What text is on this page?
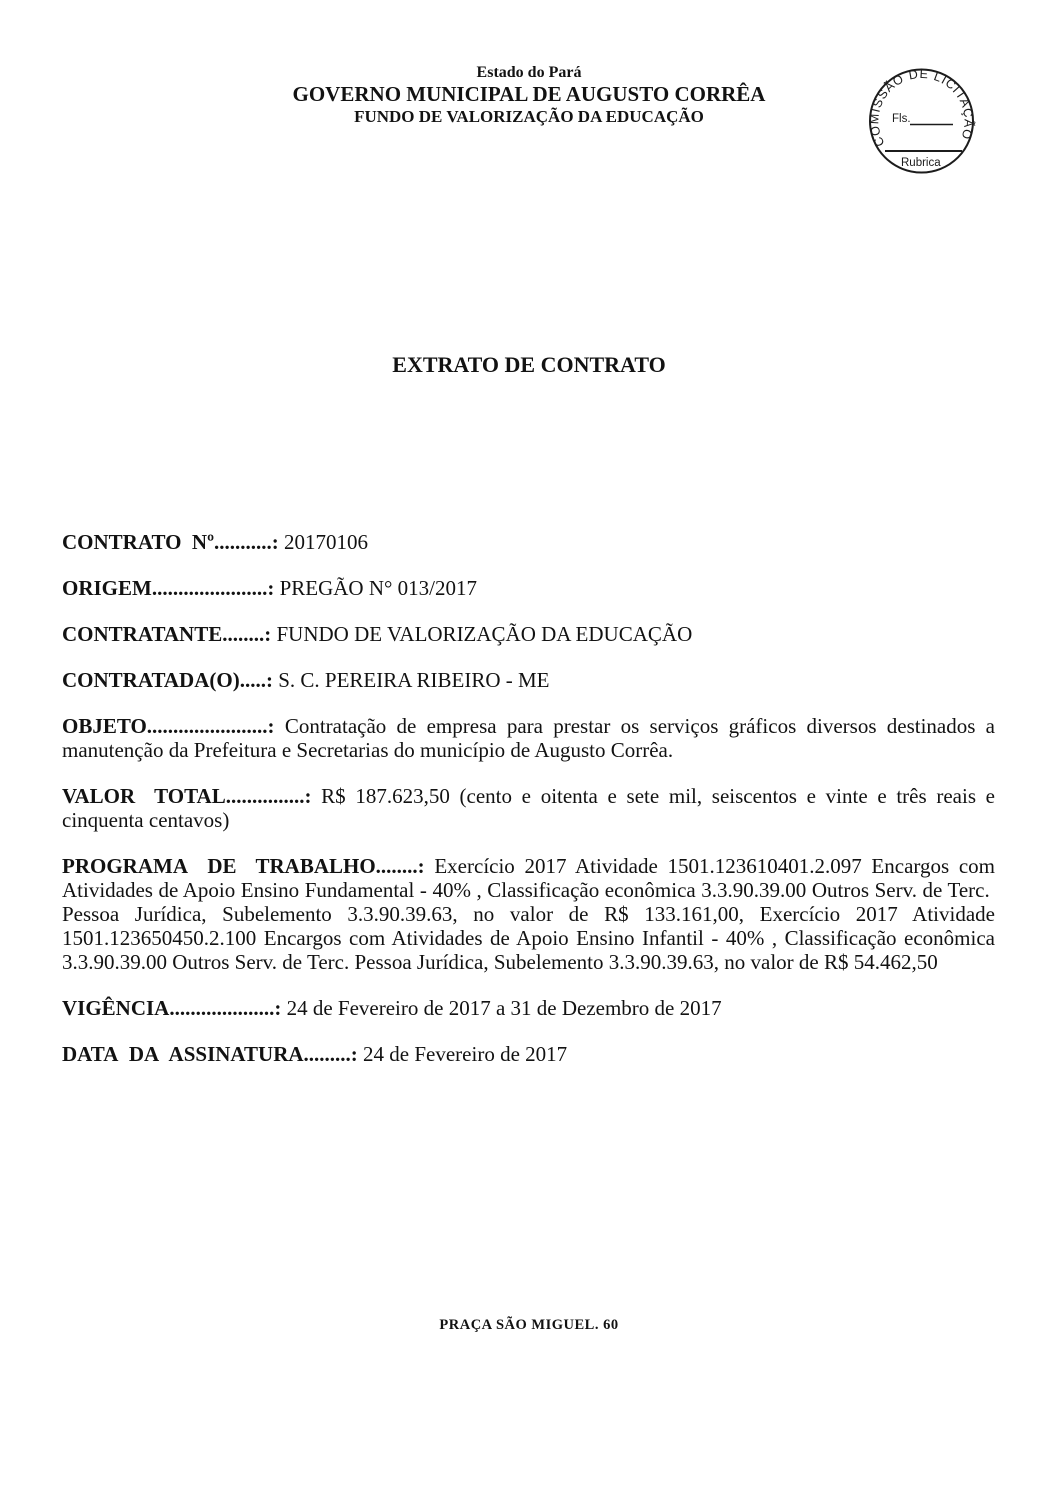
Estado do Pará
GOVERNO MUNICIPAL DE AUGUSTO CORRÊA
FUNDO DE VALORIZAÇÃO DA EDUCAÇÃO
COMISSÃO DE LICITAÇÃO
Fls.
Rubrica
EXTRATO DE CONTRATO

CONTRATO  Nº...........: 20170106

ORIGEM......................: PREGÃO N° 013/2017

CONTRATANTE........: FUNDO DE VALORIZAÇÃO DA EDUCAÇÃO

CONTRATADA(O).....: S. C. PEREIRA RIBEIRO - ME

OBJETO.......................: Contratação de empresa para prestar os serviços gráficos diversos destinados a manutenção da Prefeitura e Secretarias do município de Augusto Corrêa.

VALOR  TOTAL...............: R$ 187.623,50 (cento e oitenta e sete mil, seiscentos e vinte e três reais e cinquenta centavos)

PROGRAMA  DE  TRABALHO........: Exercício 2017 Atividade 1501.123610401.2.097 Encargos com Atividades de Apoio Ensino Fundamental - 40% , Classificação econômica 3.3.90.39.00 Outros Serv. de Terc.  Pessoa Jurídica, Subelemento 3.3.90.39.63, no valor de R$ 133.161,00, Exercício 2017 Atividade 1501.123650450.2.100 Encargos com Atividades de Apoio Ensino Infantil - 40% , Classificação econômica 3.3.90.39.00 Outros Serv. de Terc. Pessoa Jurídica, Subelemento 3.3.90.39.63, no valor de R$ 54.462,50

VIGÊNCIA....................: 24 de Fevereiro de 2017 a 31 de Dezembro de 2017

DATA  DA  ASSINATURA.........: 24 de Fevereiro de 2017

PRAÇA SÃO MIGUEL. 60
